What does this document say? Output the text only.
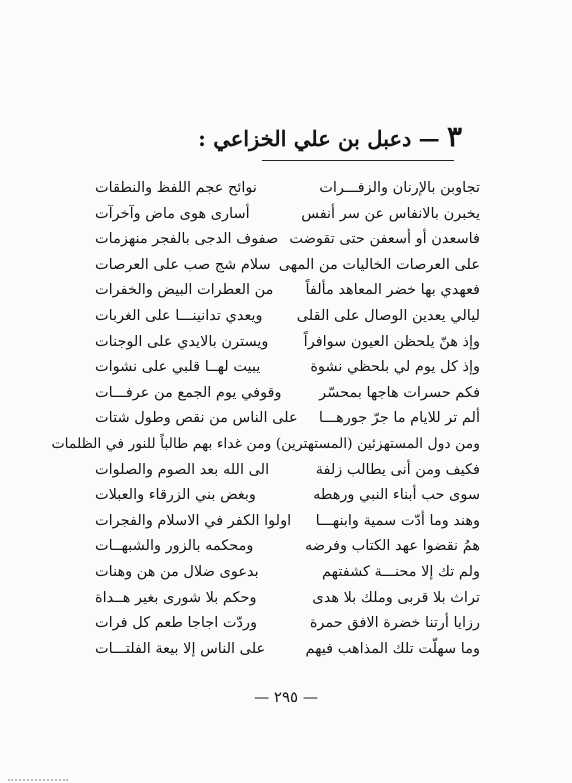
٣ — دعبل بن علي الخزاعي :
تجاوبن بالإرنان والزفـــرات
نوائح عجم اللفظ والنطقات
يخبرن بالانفاس عن سر أنفس
أسارى هوى ماض وآخرآت
فاسعدن أو أسعفن حتى تقوضت
صفوف الدجى بالفجر منهزمات
على العرصات الخاليات من المهى
سلام شج صب على العرصات
فعهدي بها خضر المعاهد مألفاً
من العطرات البيض والخفرات
ليالي يعدين الوصال على القلى
ويعدي تدانينـــا على الغربات
وإذ هنّ يلحظن العيون سوافراً
ويسترن بالايدي على الوجنات
وإذ كل يوم لي بلحظي نشوة
يبيت لهــا قلبي على نشوات
فكم حسرات هاجها بمحسّر
وقوفي يوم الجمع من عرفـــات
ألم تر للايام ما جرّ جورهـــا
على الناس من نقص وطول شتات
ومن دول المستهزئين (المستهترين) ومن غداء بهم طالباً للنور في الظلمات
فكيف ومن أنى يطالب زلفة
الى الله بعد الصوم والصلوات
سوى حب أبناء النبي ورهطه
وبغض بني الزرقاء والعبلات
وهند وما أدّت سمية وابنهـــا
اولوا الكفر في الاسلام والفجرات
همُ نقضوا عهد الكتاب وفرضه
ومحكمه بالزور والشبهــات
ولم تك إلا محنـــة كشفتهم
بدعوى ضلال من هن وهنات
تراث بلا قربى وملك بلا هدى
وحكم بلا شورى بغير هــداة
رزايا أرتنا خضرة الافق حمرة
وردّت اجاجا طعم كل فرات
وما سهلّت تلك المذاهب فيهم
على الناس إلا بيعة الفلتـــات
— ٢٩٥ —
